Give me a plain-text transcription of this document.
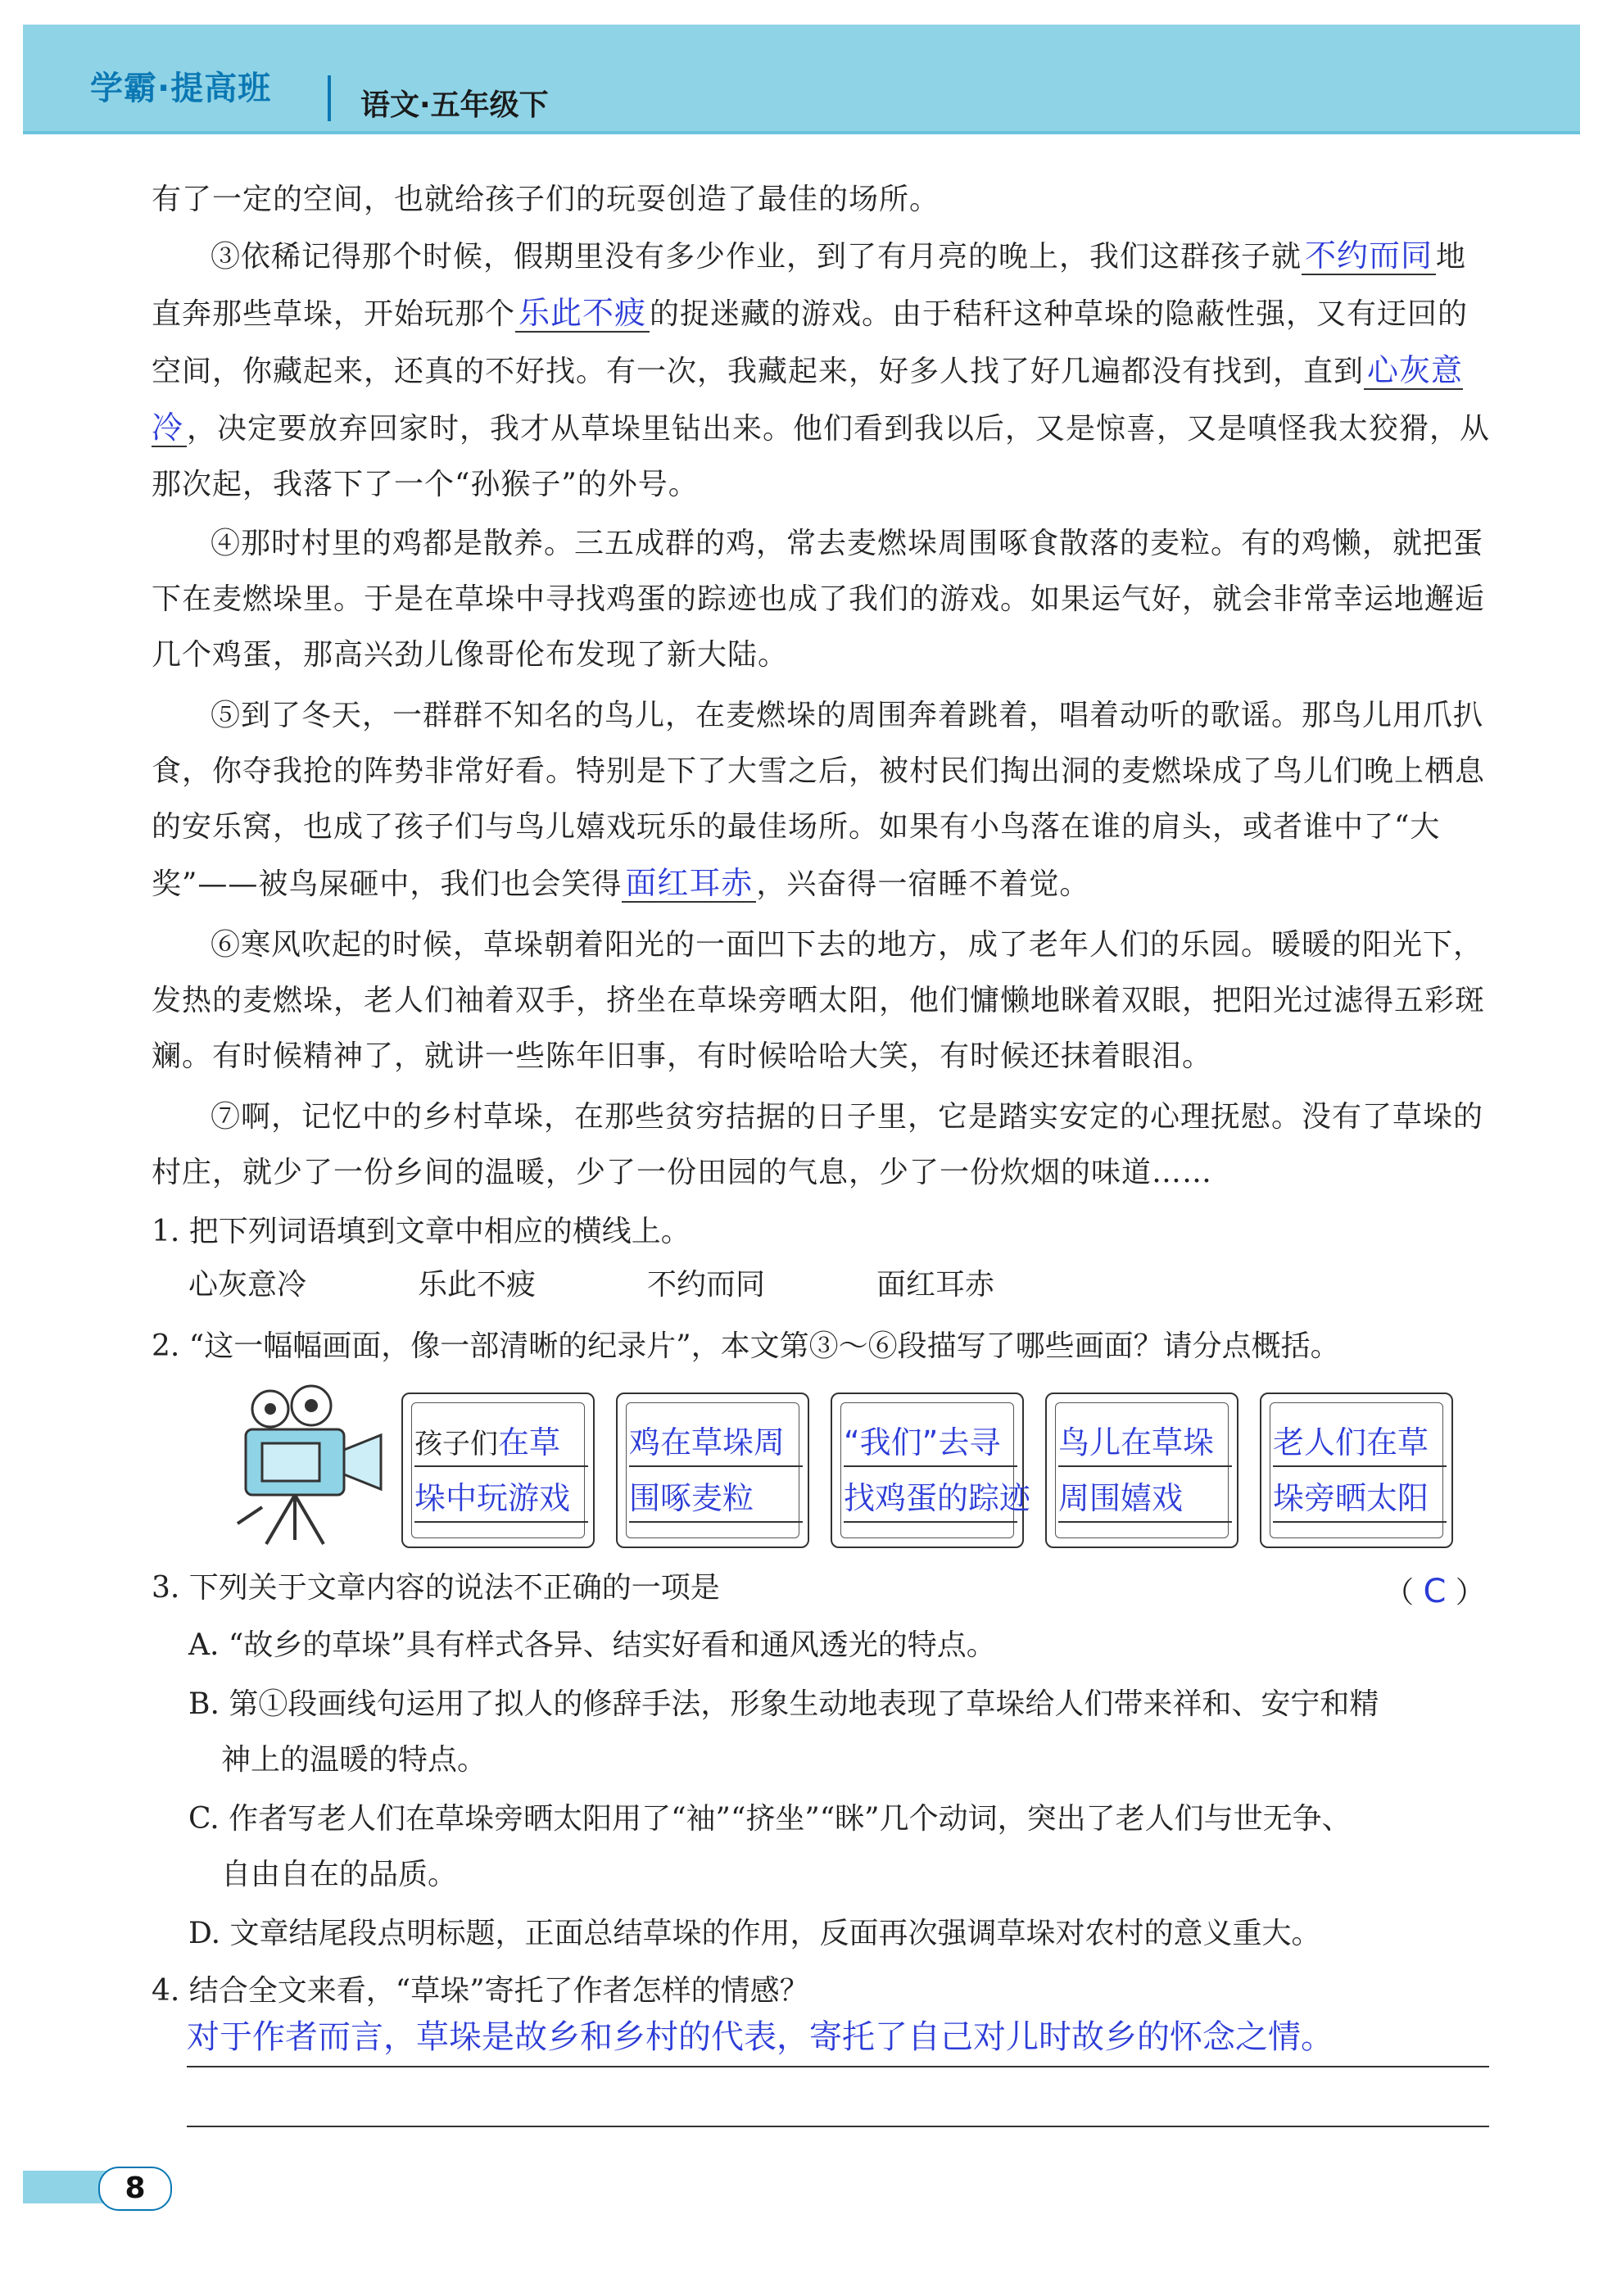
学霸·提高班	语文·五年级下
有了一定的空间，也就给孩子们的玩耍创造了最佳的场所。
③依稀记得那个时候，假期里没有多少作业，到了有月亮的晚上，我们这群孩子就 不约而同 地直奔那些草垛，开始玩那个 乐此不疲 的捉迷藏的游戏。由于秸秆这种草垛的隐蔽性强，又有迂回的空间，你藏起来，还真的不好找。有一次，我藏起来，好多人找了好几遍都没有找到，直到 心灰意冷 ，决定要放弃回家时，我才从草垛里钻出来。他们看到我以后，又是惊喜，又是嗔怪我太狡猾，从那次起，我落下了一个“孙猴子”的外号。
④那时村里的鸡都是散养。三五成群的鸡，常去麦燃垛周围啄食散落的麦粒。有的鸡懒，就把蛋下在麦燃垛里。于是在草垛中寻找鸡蛋的踪迹也成了我们的游戏。如果运气好，就会非常幸运地邂逅几个鸡蛋，那高兴劲儿像哥伦布发现了新大陆。
⑤到了冬天，一群群不知名的鸟儿，在麦燃垛的周围奔着跳着，唱着动听的歌谣。那鸟儿用爪扒食，你夺我抢的阵势非常好看。特别是下了大雪之后，被村民们掏出洞的麦燃垛成了鸟儿们晚上栖息的安乐窝，也成了孩子们与鸟儿嬉戏玩乐的最佳场所。如果有小鸟落在谁的肩头，或者谁中了“大奖”——被鸟屎砸中，我们也会笑得 面红耳赤 ，兴奋得一宿睡不着觉。
⑥寒风吹起的时候，草垛朝着阳光的一面凹下去的地方，成了老年人们的乐园。暖暖的阳光下，发热的麦燃垛，老人们袖着双手，挤坐在草垛旁晒太阳，他们慵懒地眯着双眼，把阳光过滤得五彩斑斓。有时候精神了，就讲一些陈年旧事，有时候哈哈大笑，有时候还抹着眼泪。
⑦啊，记忆中的乡村草垛，在那些贫穷拮据的日子里，它是踏实安定的心理抚慰。没有了草垛的村庄，就少了一份乡间的温暖，少了一份田园的气息，少了一份炊烟的味道……
1. 把下列词语填到文章中相应的横线上。
心灰意冷	乐此不疲	不约而同	面红耳赤
2. “这一幅幅画面，像一部清晰的纪录片”，本文第③～⑥段描写了哪些画面？请分点概括。
孩子们在草
垛中玩游戏
鸡在草垛周
围啄麦粒
“我们”去寻
找鸡蛋的踪迹
鸟儿在草垛
周围嬉戏
老人们在草
垛旁晒太阳
3. 下列关于文章内容的说法不正确的一项是	（ C ）
A. “故乡的草垛”具有样式各异、结实好看和通风透光的特点。
B. 第①段画线句运用了拟人的修辞手法，形象生动地表现了草垛给人们带来祥和、安宁和精
神上的温暖的特点。
C. 作者写老人们在草垛旁晒太阳用了“袖”“挤坐”“眯”几个动词，突出了老人们与世无争、
自由自在的品质。
D. 文章结尾段点明标题，正面总结草垛的作用，反面再次强调草垛对农村的意义重大。
4. 结合全文来看，“草垛”寄托了作者怎样的情感？
对于作者而言，草垛是故乡和乡村的代表，寄托了自己对儿时故乡的怀念之情。
8
